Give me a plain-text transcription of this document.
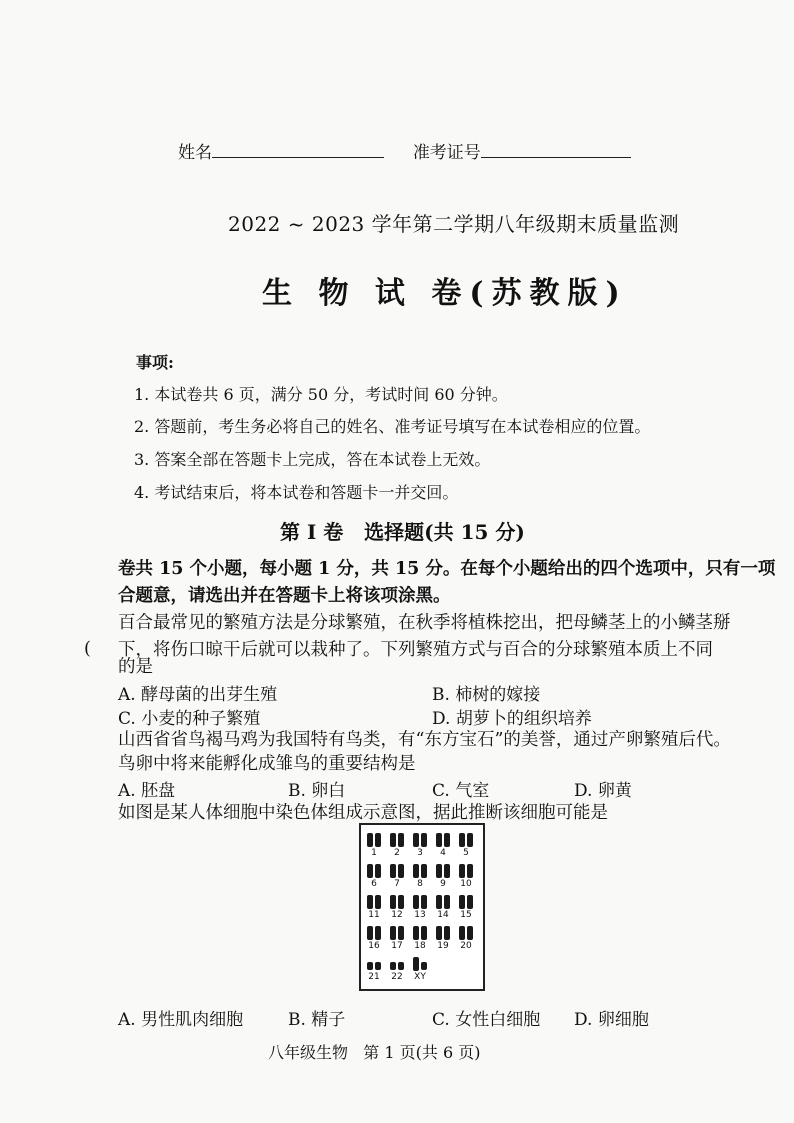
姓名	准考证号
2022 ~ 2023 学年第二学期八年级期末质量监测
生 物 试 卷(苏教版)
事项:
1. 本试卷共 6 页，满分 50 分，考试时间 60 分钟。
2. 答题前，考生务必将自己的姓名、准考证号填写在本试卷相应的位置。
3. 答案全部在答题卡上完成，答在本试卷上无效。
4. 考试结束后，将本试卷和答题卡一并交回。
第 I 卷   选择题(共 15 分)
卷共 15 个小题，每小题 1 分，共 15 分。在每个小题给出的四个选项中，只有一项
合题意，请选出并在答题卡上将该项涂黑。
百合最常见的繁殖方法是分球繁殖，在秋季将植株挖出，把母鳞茎上的小鳞茎掰
( 下，将伤口晾干后就可以栽种了。下列繁殖方式与百合的分球繁殖本质上不同
的是
A. 酵母菌的出芽生殖	B. 柿树的嫁接
C. 小麦的种子繁殖	D. 胡萝卜的组织培养
山西省省鸟褐马鸡为我国特有鸟类，有“东方宝石”的美誉，通过产卵繁殖后代。
鸟卵中将来能孵化成雏鸟的重要结构是
A. 胚盘	B. 卵白	C. 气室	D. 卵黄
如图是某人体细胞中染色体组成示意图，据此推断该细胞可能是
1	2	3	4	5
6	7	8	9	10
11	12	13	14	15
16	17	18	19	20
21	22	XY
A. 男性肌肉细胞	B. 精子	C. 女性白细胞 D. 卵细胞
八年级生物   第 1 页(共 6 页)
